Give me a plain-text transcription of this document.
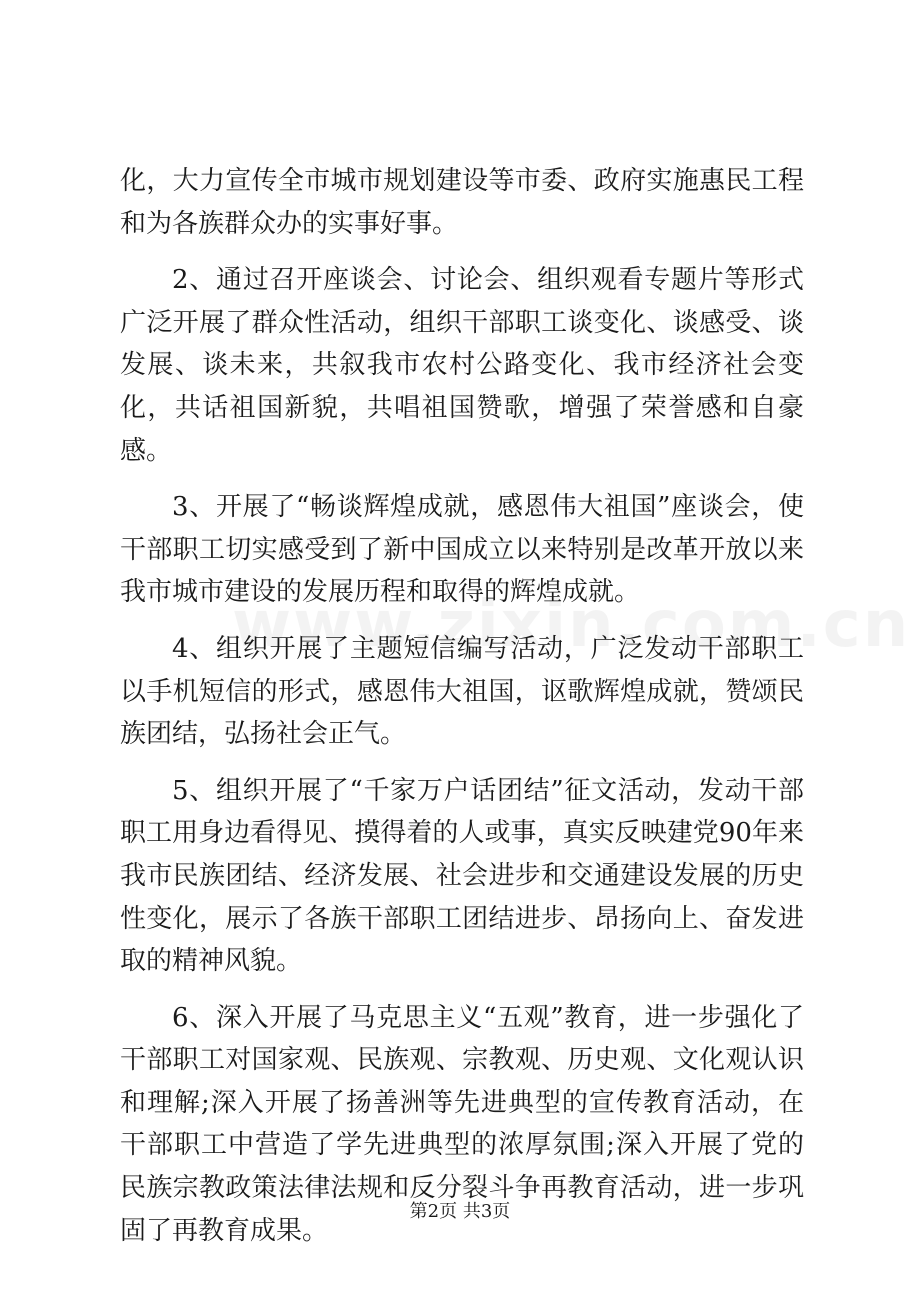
化，大力宣传全市城市规划建设等市委、政府实施惠民工程和为各族群众办的实事好事。

2、通过召开座谈会、讨论会、组织观看专题片等形式广泛开展了群众性活动，组织干部职工谈变化、谈感受、谈发展、谈未来，共叙我市农村公路变化、我市经济社会变化，共话祖国新貌，共唱祖国赞歌，增强了荣誉感和自豪感。

3、开展了“畅谈辉煌成就，感恩伟大祖国”座谈会，使干部职工切实感受到了新中国成立以来特别是改革开放以来我市城市建设的发展历程和取得的辉煌成就。

4、组织开展了主题短信编写活动，广泛发动干部职工以手机短信的形式，感恩伟大祖国，讴歌辉煌成就，赞颂民族团结，弘扬社会正气。

5、组织开展了“千家万户话团结”征文活动，发动干部职工用身边看得见、摸得着的人或事，真实反映建党90年来我市民族团结、经济发展、社会进步和交通建设发展的历史性变化，展示了各族干部职工团结进步、昂扬向上、奋发进取的精神风貌。

6、深入开展了马克思主义“五观”教育，进一步强化了干部职工对国家观、民族观、宗教观、历史观、文化观认识和理解;深入开展了扬善洲等先进典型的宣传教育活动，在干部职工中营造了学先进典型的浓厚氛围;深入开展了党的民族宗教政策法律法规和反分裂斗争再教育活动，进一步巩固了再教育成果。

第2页 共3页
